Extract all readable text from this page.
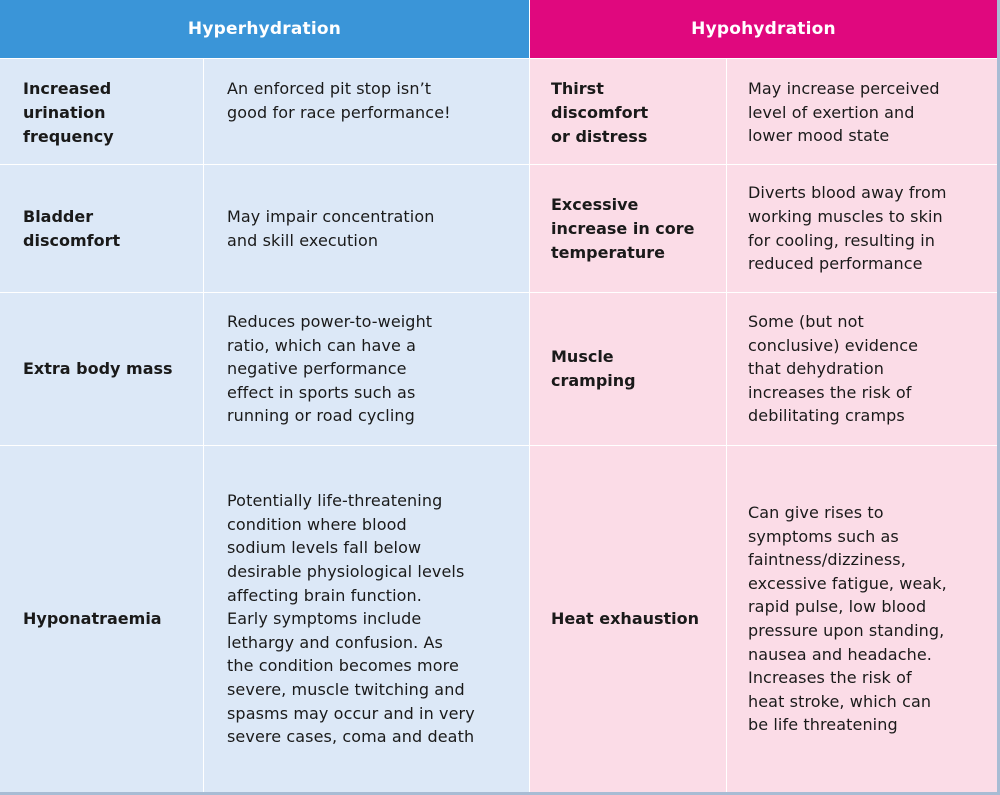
Hyperhydration	Hypohydration
Increased
urination
frequency
An enforced pit stop isn’t
good for race performance!
Thirst
discomfort
or distress
May increase perceived
level of exertion and
lower mood state
Bladder
discomfort
May impair concentration
and skill execution
Excessive
increase in core
temperature
Diverts blood away from
working muscles to skin
for cooling, resulting in
reduced performance
Extra body mass
Reduces power-to-weight
ratio, which can have a
negative performance
effect in sports such as
running or road cycling
Muscle
cramping
Some (but not
conclusive) evidence
that dehydration
increases the risk of
debilitating cramps
Hyponatraemia
Potentially life-threatening
condition where blood
sodium levels fall below
desirable physiological levels
affecting brain function.
Early symptoms include
lethargy and confusion. As
the condition becomes more
severe, muscle twitching and
spasms may occur and in very
severe cases, coma and death
Heat exhaustion
Can give rises to
symptoms such as
faintness/dizziness,
excessive fatigue, weak,
rapid pulse, low blood
pressure upon standing,
nausea and headache.
Increases the risk of
heat stroke, which can
be life threatening
